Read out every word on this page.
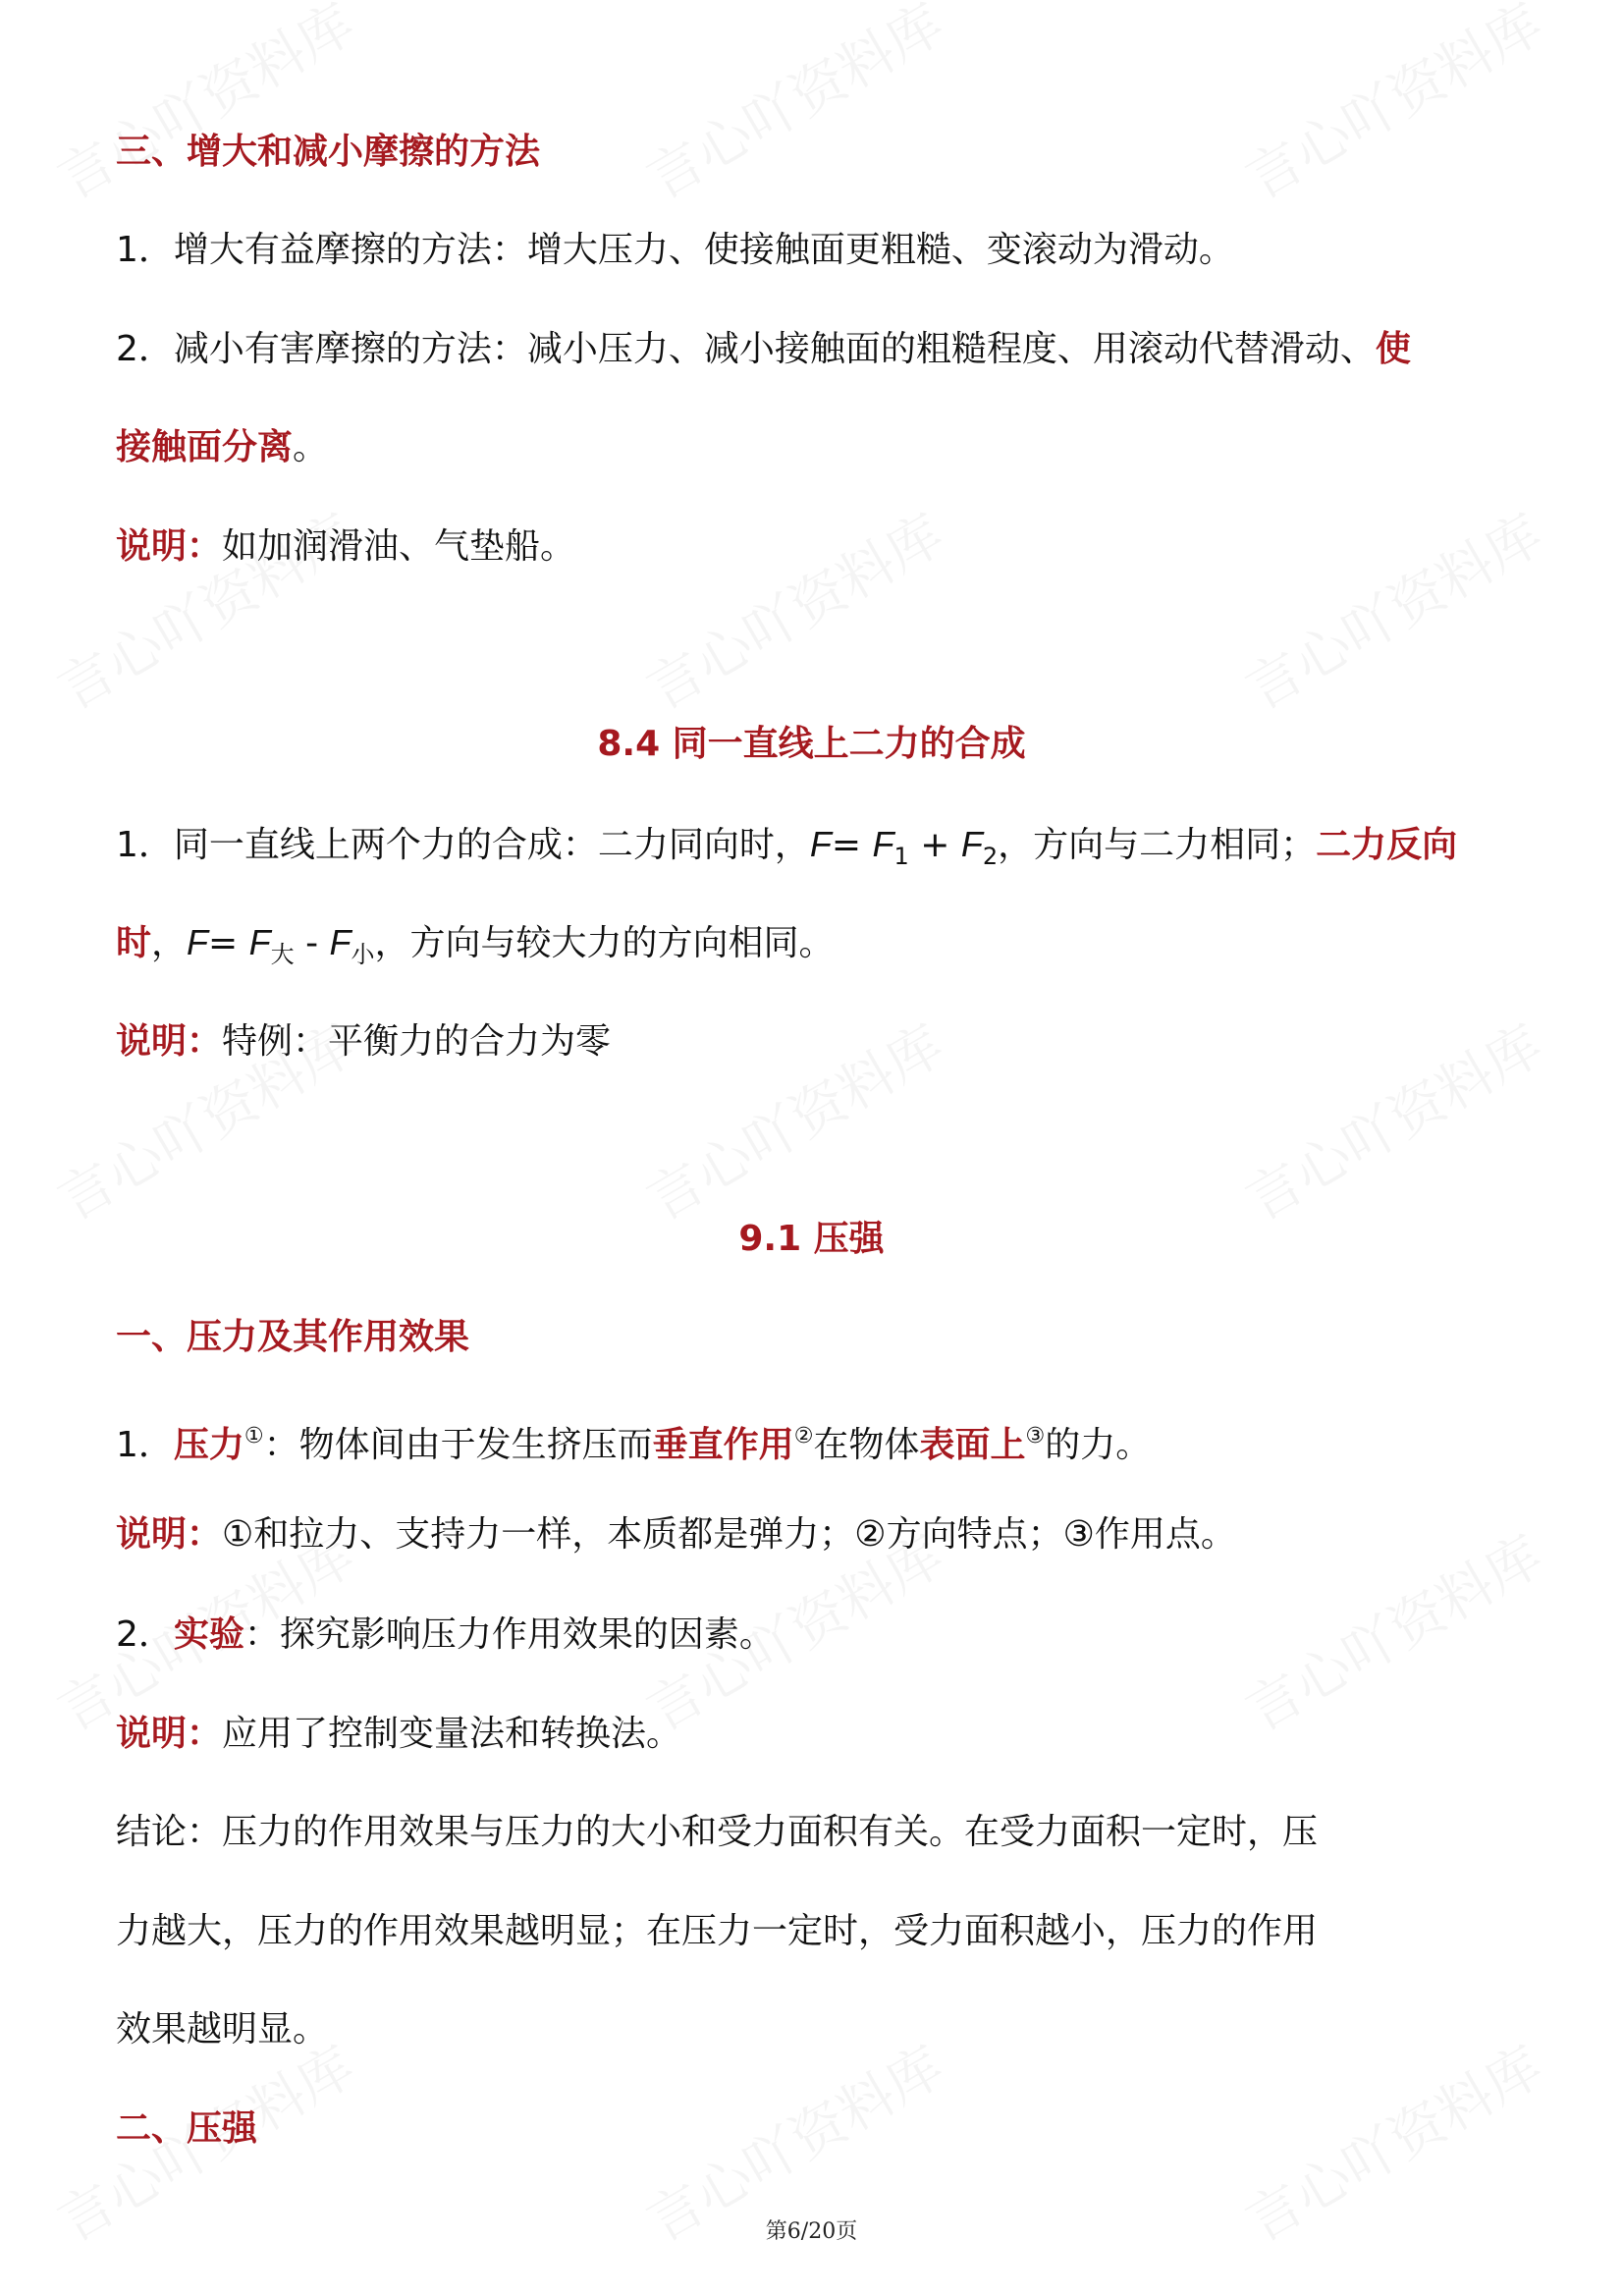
三、增大和减小摩擦的方法
1．增大有益摩擦的方法：增大压力、使接触面更粗糙、变滚动为滑动。
2．减小有害摩擦的方法：减小压力、减小接触面的粗糙程度、用滚动代替滑动、使
接触面分离。
说明：如加润滑油、气垫船。
8.4 同一直线上二力的合成
1．同一直线上两个力的合成：二力同向时，$F= F_1 + F_2$，方向与二力相同；二力反向
时，$F= F_大 - F_小$，方向与较大力的方向相同。
说明：特例：平衡力的合力为零
9.1 压强
一、压力及其作用效果
1．压力①：物体间由于发生挤压而垂直作用②在物体表面上③的力。
说明：①和拉力、支持力一样，本质都是弹力；②方向特点；③作用点。
2．实验：探究影响压力作用效果的因素。
说明：应用了控制变量法和转换法。
结论：压力的作用效果与压力的大小和受力面积有关。在受力面积一定时，压
力越大，压力的作用效果越明显；在压力一定时，受力面积越小，压力的作用
效果越明显。
二、压强
第6/20页
